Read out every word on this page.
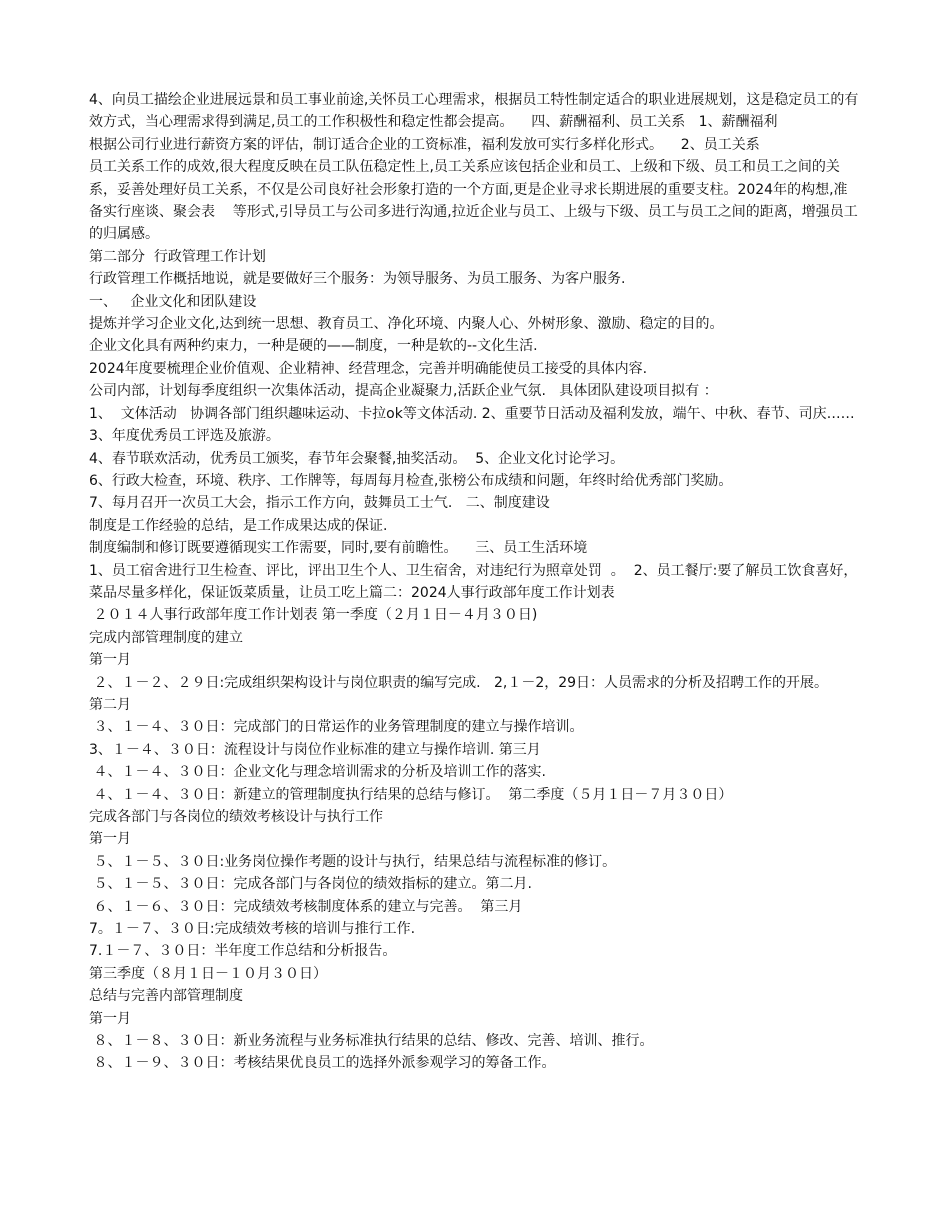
4、向员工描绘企业进展远景和员工事业前途,关怀员工心理需求，根据员工特性制定适合的职业进展规划，这是稳定员工的有效方式，当心理需求得到满足,员工的工作积极性和稳定性都会提高。    四、薪酬福利、员工关系   1、薪酬福利

根据公司行业进行薪资方案的评估，制订适合企业的工资标准，福利发放可实行多样化形式。    2、员工关系

员工关系工作的成效,很大程度反映在员工队伍稳定性上,员工关系应该包括企业和员工、上级和下级、员工和员工之间的关系，妥善处理好员工关系，不仅是公司良好社会形象打造的一个方面,更是企业寻求长期进展的重要支柱。2024年的构想,准备实行座谈、聚会表    等形式,引导员工与公司多进行沟通,拉近企业与员工、上级与下级、员工与员工之间的距离，增强员工的归属感。

第二部分  行政管理工作计划

行政管理工作概括地说，就是要做好三个服务：为领导服务、为员工服务、为客户服务.

一、   企业文化和团队建设

提炼并学习企业文化,达到统一思想、教育员工、净化环境、内聚人心、外树形象、激励、稳定的目的。

企业文化具有两种约束力，一种是硬的——制度，一种是软的--文化生活.

2024年度要梳理企业价值观、企业精神、经营理念，完善并明确能使员工接受的具体内容.

公司内部，计划每季度组织一次集体活动，提高企业凝聚力,活跃企业气氛.   具体团队建设项目拟有 ：

1、  文体活动   协调各部门组织趣味运动、卡拉ok等文体活动. 2、重要节日活动及福利发放，端午、中秋、春节、司庆……   3、年度优秀员工评选及旅游。

4、春节联欢活动，优秀员工颁奖，春节年会聚餐,抽奖活动。  5、企业文化讨论学习。

6、行政大检查，环境、秩序、工作牌等，每周每月检查,张榜公布成绩和问题，年终时给优秀部门奖励。

7、每月召开一次员工大会，指示工作方向，鼓舞员工士气.   二、制度建设

制度是工作经验的总结，是工作成果达成的保证.

制度编制和修订既要遵循现实工作需要，同时,要有前瞻性。    三、员工生活环境

1、员工宿舍进行卫生检查、评比，评出卫生个人、卫生宿舍，对违纪行为照章处罚  。  2、员工餐厅:要了解员工饮食喜好，菜品尽量多样化，保证饭菜质量，让员工吃上篇二：2024人事行政部年度工作计划表

２０１４人事行政部年度工作计划表 第一季度（２月１日－４月３０日)

完成内部管理制度的建立

第一月

２、１－２、２９日:完成组织架构设计与岗位职责的编写完成.   2,１－2，29日：人员需求的分析及招聘工作的开展。

第二月

３、１－４、３０日：完成部门的日常运作的业务管理制度的建立与操作培训。

3、１－４、３０日：流程设计与岗位作业标准的建立与操作培训. 第三月

４、１－４、３０日：企业文化与理念培训需求的分析及培训工作的落实.

４、１－４、３０日：新建立的管理制度执行结果的总结与修订。  第二季度（５月１日－７月３０日）

完成各部门与各岗位的绩效考核设计与执行工作

第一月

５、１－５、３０日:业务岗位操作考题的设计与执行，结果总结与流程标准的修订。

５、１－５、３０日：完成各部门与各岗位的绩效指标的建立。第二月.

６、１－６、３０日：完成绩效考核制度体系的建立与完善。  第三月

7。１－７、３０日:完成绩效考核的培训与推行工作.

7.１－７、３０日：半年度工作总结和分析报告。

第三季度（８月１日－１０月３０日）

总结与完善内部管理制度

第一月

８、１－８、３０日：新业务流程与业务标准执行结果的总结、修改、完善、培训、推行。

８、１－９、３０日：考核结果优良员工的选择外派参观学习的筹备工作。
